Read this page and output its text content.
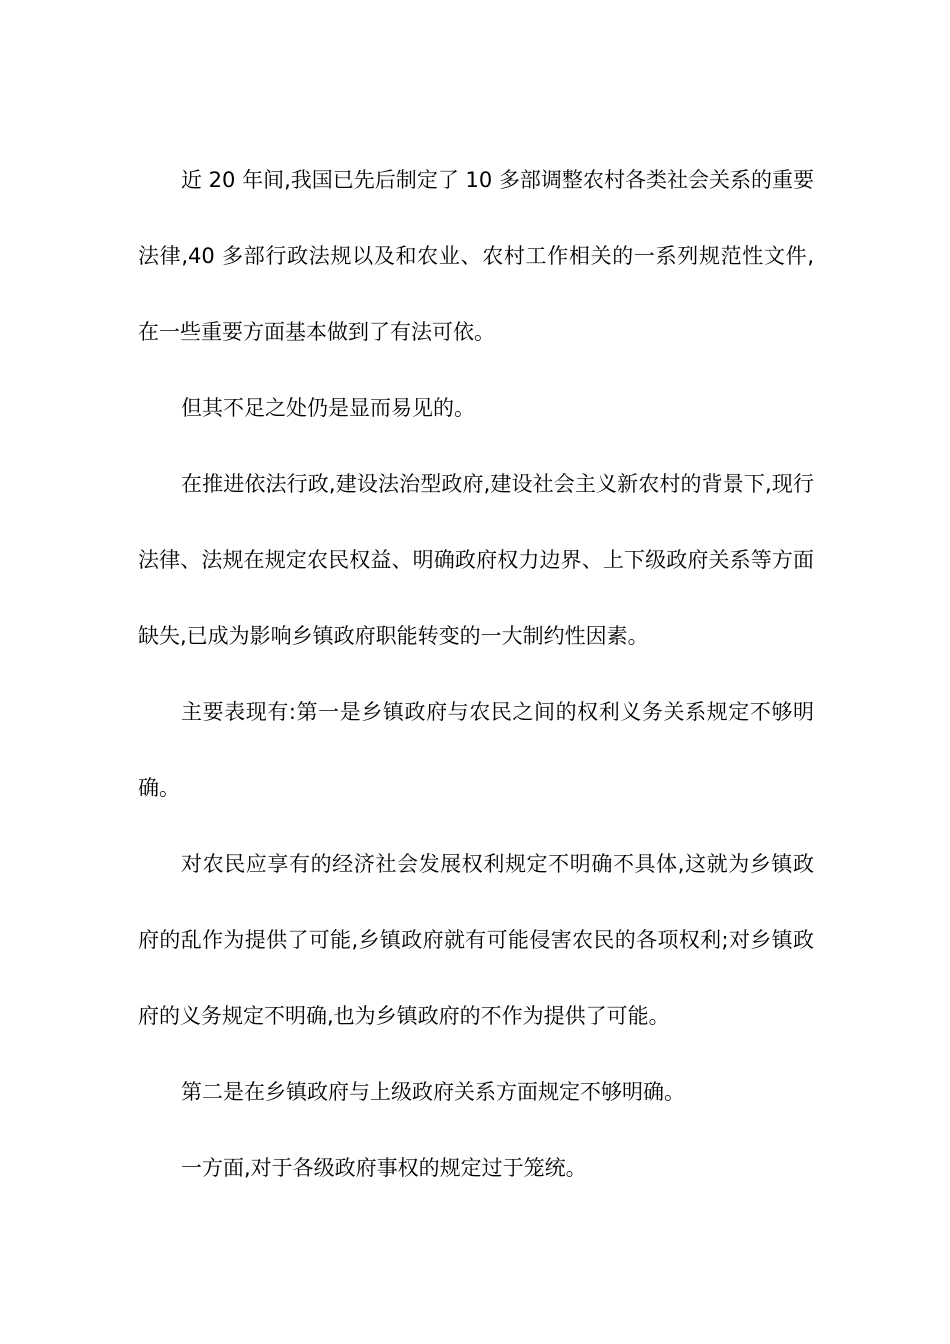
近 20 年间,我国已先后制定了 10 多部调整农村各类社会关系的重要法律,40 多部行政法规以及和农业、农村工作相关的一系列规范性文件,在一些重要方面基本做到了有法可依。

但其不足之处仍是显而易见的。

在推进依法行政,建设法治型政府,建设社会主义新农村的背景下,现行法律、法规在规定农民权益、明确政府权力边界、上下级政府关系等方面缺失,已成为影响乡镇政府职能转变的一大制约性因素。

主要表现有:第一是乡镇政府与农民之间的权利义务关系规定不够明确。

对农民应享有的经济社会发展权利规定不明确不具体,这就为乡镇政府的乱作为提供了可能,乡镇政府就有可能侵害农民的各项权利;对乡镇政府的义务规定不明确,也为乡镇政府的不作为提供了可能。

第二是在乡镇政府与上级政府关系方面规定不够明确。

一方面,对于各级政府事权的规定过于笼统。
